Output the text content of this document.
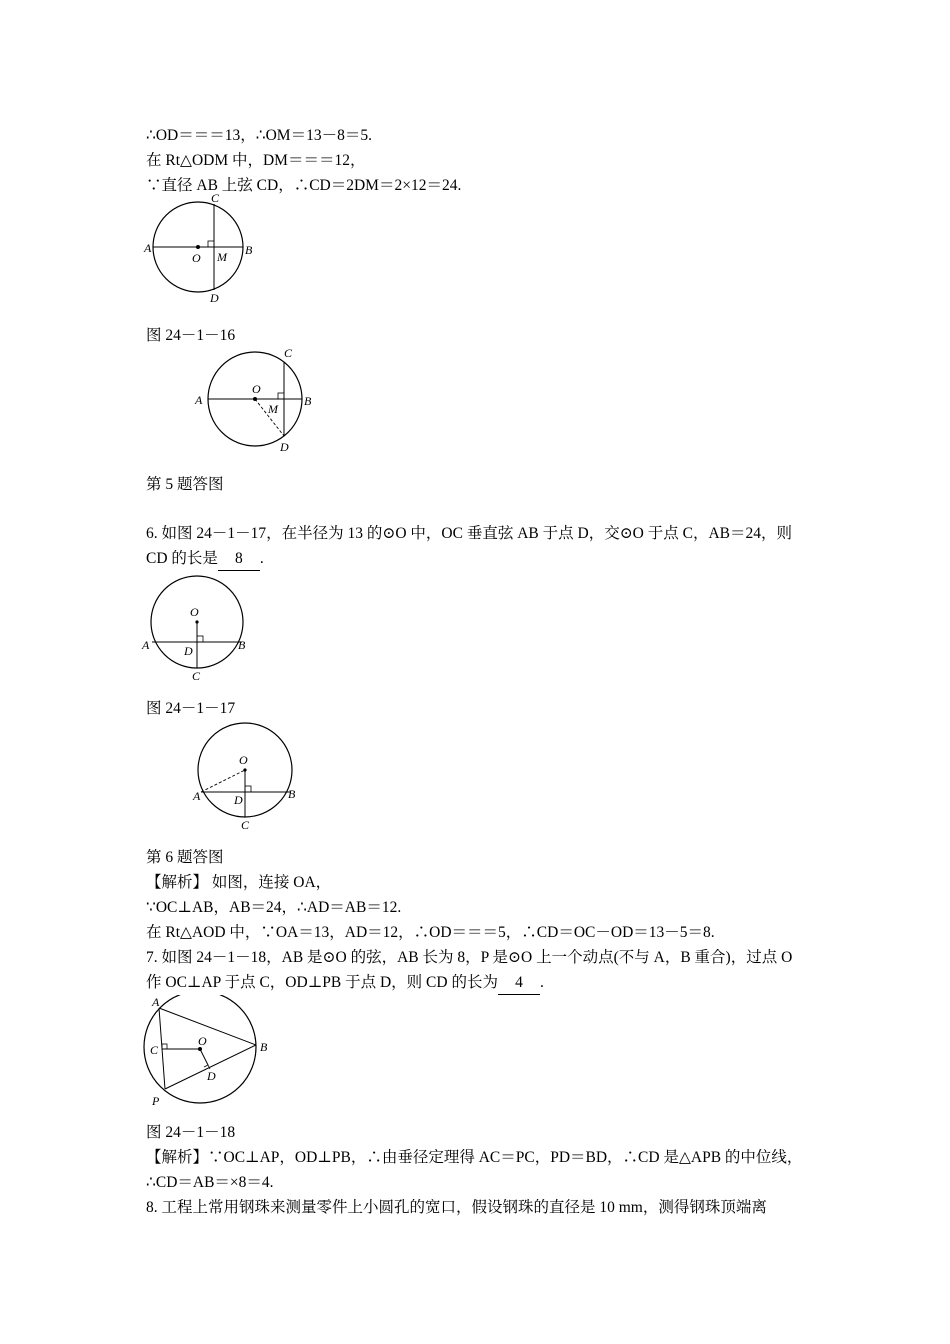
∴OD＝＝＝13，∴OM＝13－8＝5.
在 Rt△ODM 中，DM＝＝＝12，
∵直径 AB 上弦 CD，∴CD＝2DM＝2×12＝24.
A	B
C
D
O M
图 24－1－16
A	B
C
D
O
M
第 5 题答图
6. 如图 24－1－17，在半径为 13 的⊙O 中，OC 垂直弦 AB 于点 D，交⊙O 于点 C，AB＝24，则
CD 的长是 8 .
O
A	B
D
C
图 24－1－17
O
A	B
D
C
第 6 题答图
【解析】 如图，连接 OA，
∵OC⊥AB，AB＝24，∴AD＝AB＝12.
在 Rt△AOD 中，∵OA＝13，AD＝12，∴OD＝＝＝5，∴CD＝OC－OD＝13－5＝8.
7. 如图 24－1－18，AB 是⊙O 的弦，AB 长为 8，P 是⊙O 上一个动点(不与 A，B 重合)，过点 O
作 OC⊥AP 于点 C，OD⊥PB 于点 D，则 CD 的长为 4 .
A
B
C
O
D
P
图 24－1－18
【解析】∵OC⊥AP，OD⊥PB，∴由垂径定理得 AC＝PC，PD＝BD，∴CD 是△APB 的中位线，
∴CD＝AB＝×8＝4.
8. 工程上常用钢珠来测量零件上小圆孔的宽口，假设钢珠的直径是 10 mm，测得钢珠顶端离
